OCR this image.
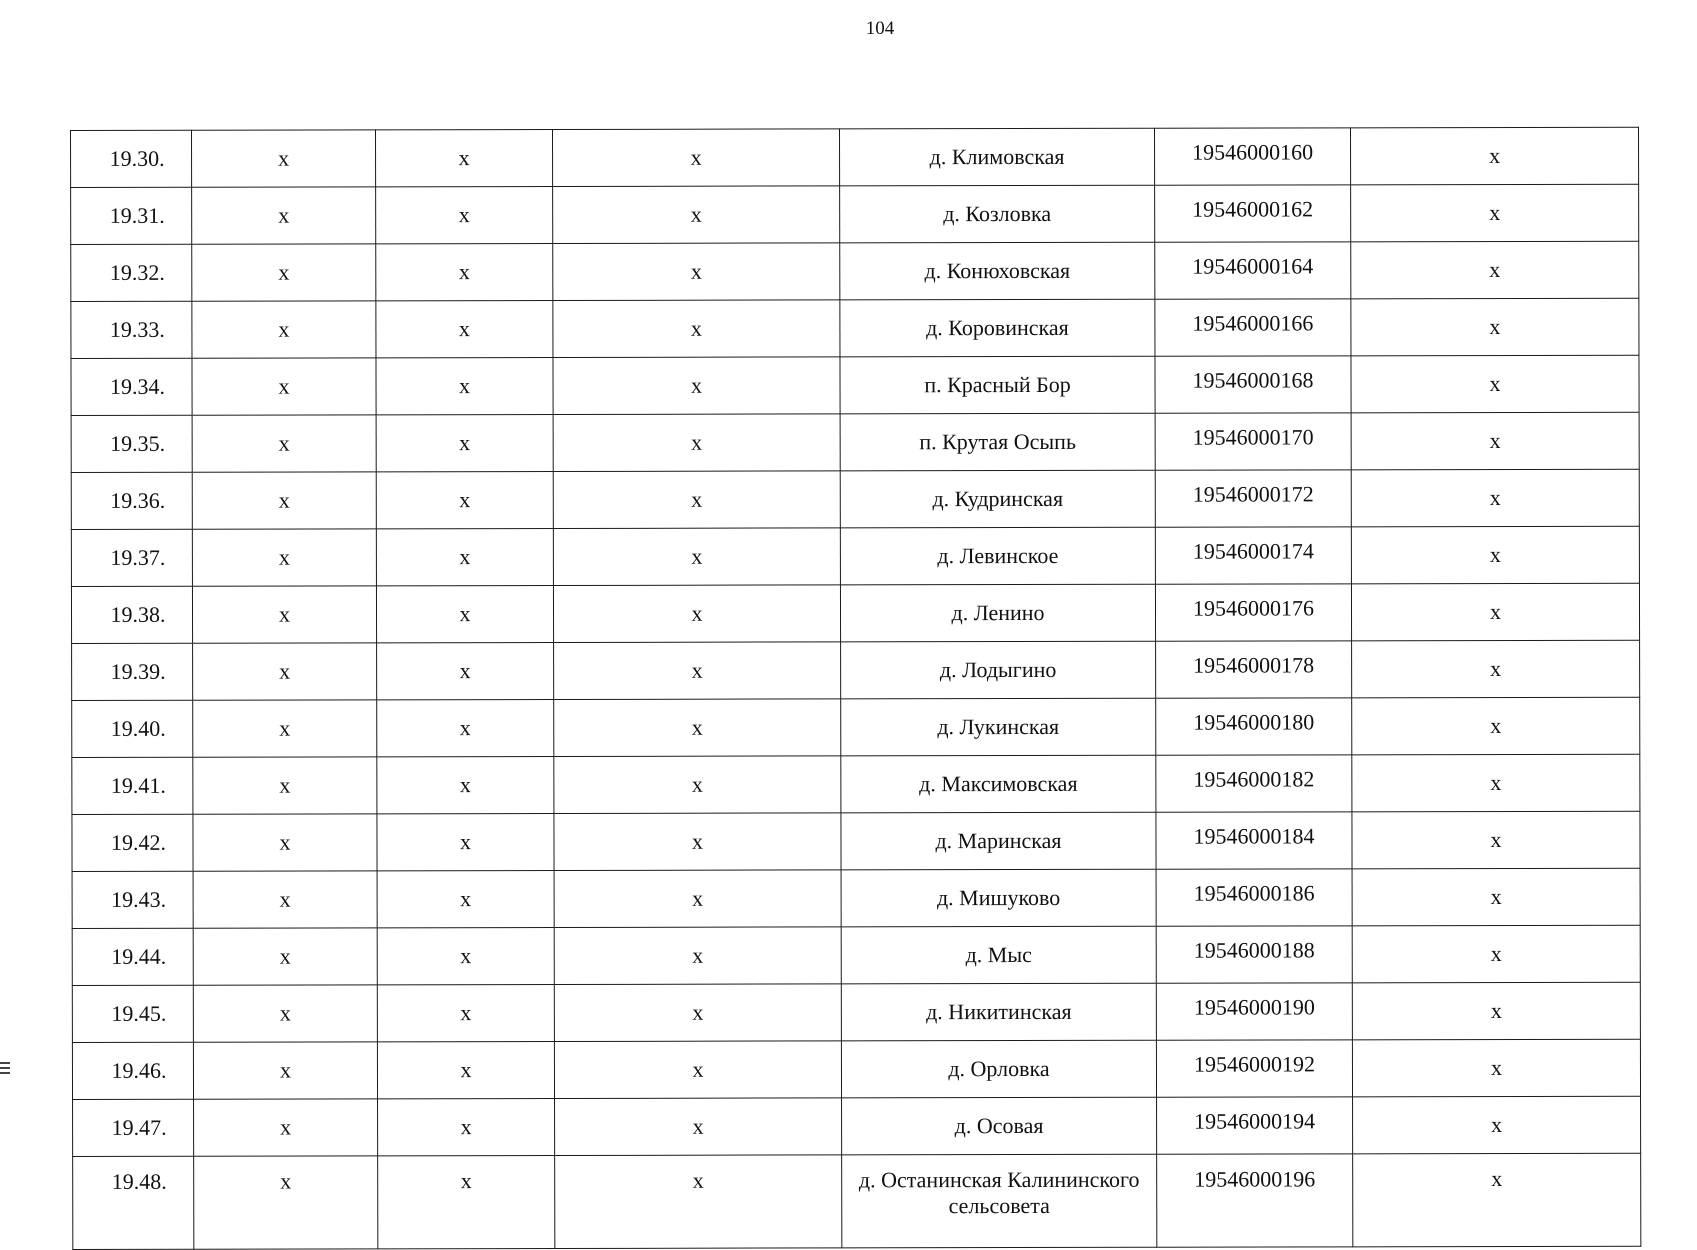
104
19.30.	х	х	х	д. Климовская	19546000160	х
19.31.	х	х	х	д. Козловка	19546000162	х
19.32.	х	х	х	д. Конюховская	19546000164	х
19.33.	х	х	х	д. Коровинская	19546000166	х
19.34.	х	х	х	п. Красный Бор	19546000168	х
19.35.	х	х	х	п. Крутая Осыпь	19546000170	х
19.36.	х	х	х	д. Кудринская	19546000172	х
19.37.	х	х	х	д. Левинское	19546000174	х
19.38.	х	х	х	д. Ленино	19546000176	х
19.39.	х	х	х	д. Лодыгино	19546000178	х
19.40.	х	х	х	д. Лукинская	19546000180	х
19.41.	х	х	х	д. Максимовская	19546000182	х
19.42.	х	х	х	д. Маринская	19546000184	х
19.43.	х	х	х	д. Мишуково	19546000186	х
19.44.	х	х	х	д. Мыс	19546000188	х
19.45.	х	х	х	д. Никитинская	19546000190	х
19.46.	х	х	х	д. Орловка	19546000192	х
19.47.	х	х	х	д. Осовая	19546000194	х
19.48.	х	х	х	д. Останинская Калининского сельсовета	19546000196	х
